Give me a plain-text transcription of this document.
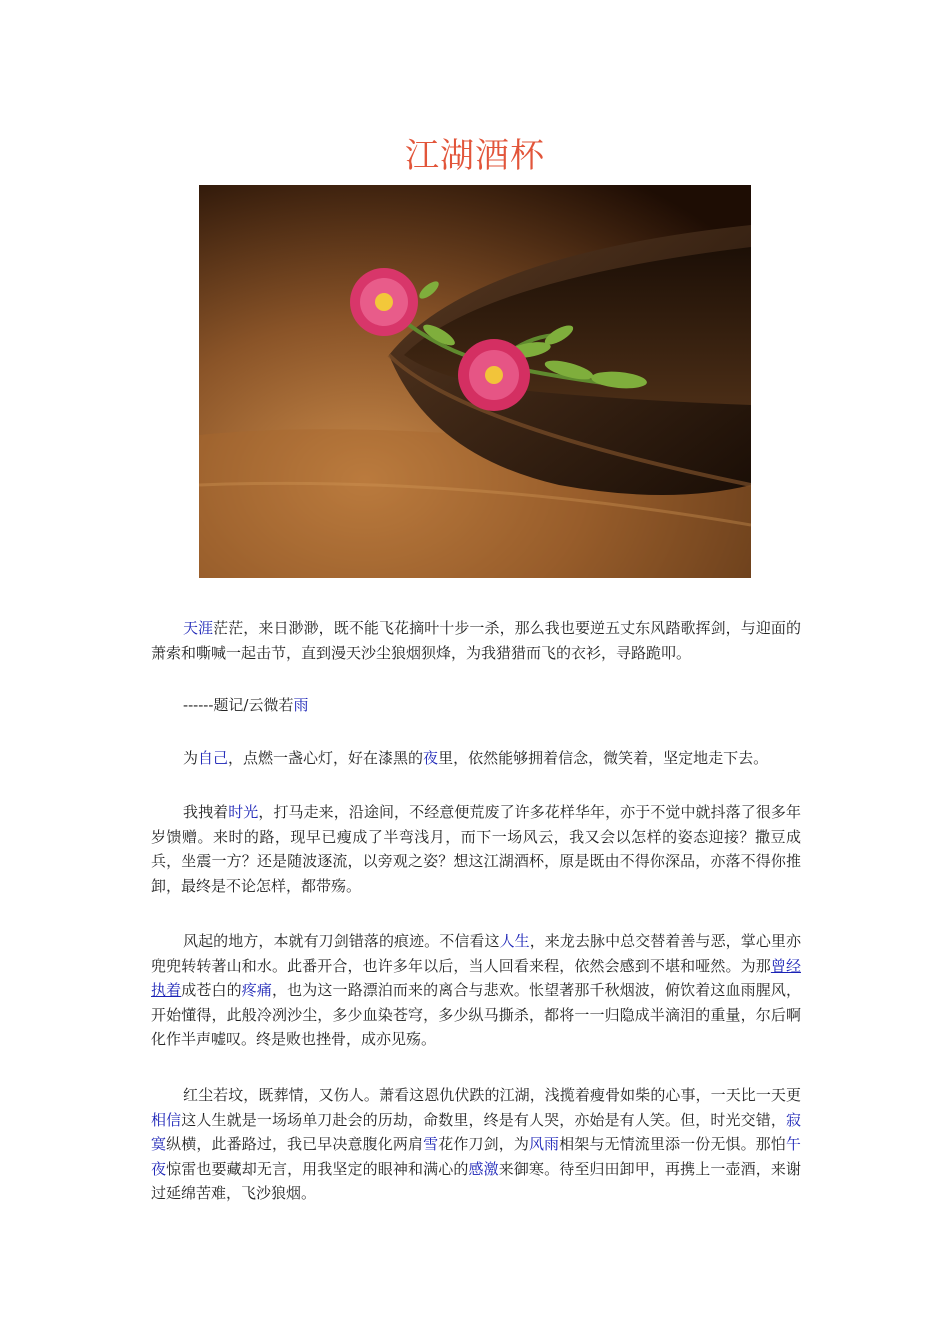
江湖酒杯

天涯茫茫，来日渺渺，既不能飞花摘叶十步一杀，那么我也要逆五丈东风踏歌挥剑，与迎面的萧索和嘶喊一起击节，直到漫天沙尘狼烟狈烽，为我猎猎而飞的衣衫，寻路跪叩。

------题记/云微若雨

为自己，点燃一盏心灯，好在漆黑的夜里，依然能够拥着信念，微笑着，坚定地走下去。

我拽着时光，打马走来，沿途间，不经意便荒废了许多花样华年，亦于不觉中就抖落了很多年岁馈赠。来时的路，现早已瘦成了半弯浅月，而下一场风云，我又会以怎样的姿态迎接？撒豆成兵，坐震一方？还是随波逐流，以旁观之姿？想这江湖酒杯，原是既由不得你深品，亦落不得你推卸，最终是不论怎样，都带殇。

风起的地方，本就有刀剑错落的痕迹。不信看这人生，来龙去脉中总交替着善与恶，掌心里亦兜兜转转著山和水。此番开合，也许多年以后，当人回看来程，依然会感到不堪和哑然。为那曾经执着成苍白的疼痛，也为这一路漂泊而来的离合与悲欢。怅望著那千秋烟波，俯饮着这血雨腥风，开始懂得，此般冷冽沙尘，多少血染苍穹，多少纵马撕杀，都将一一归隐成半滴泪的重量，尔后啊化作半声嘘叹。终是败也挫骨，成亦见殇。

红尘若坟，既葬情，又伤人。萧看这恩仇伏跌的江湖，浅揽着瘦骨如柴的心事，一天比一天更相信这人生就是一场场单刀赴会的历劫，命数里，终是有人哭，亦始是有人笑。但，时光交错，寂寞纵横，此番路过，我已早决意腹化两肩雪花作刀剑，为风雨相架与无情流里添一份无惧。那怕午夜惊雷也要藏却无言，用我坚定的眼神和满心的感激来御寒。待至归田卸甲，再携上一壶酒，来谢过延绵苦难，飞沙狼烟。
